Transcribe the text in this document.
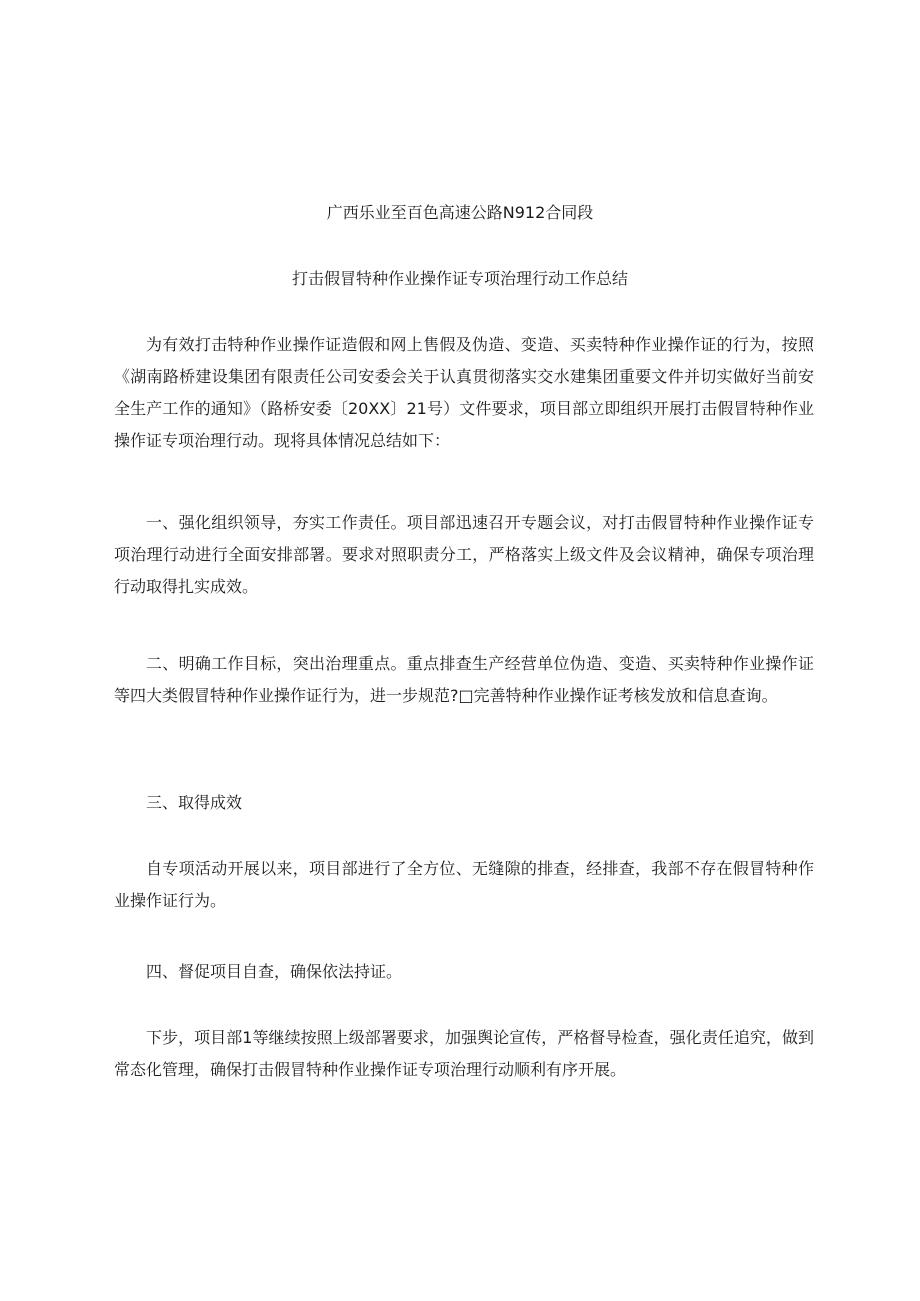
广西乐业至百色高速公路N912合同段
打击假冒特种作业操作证专项治理行动工作总结

为有效打击特种作业操作证造假和网上售假及伪造、变造、买卖特种作业操作证的行为，按照《湖南路桥建设集团有限责任公司安委会关于认真贯彻落实交水建集团重要文件并切实做好当前安全生产工作的通知》（路桥安委〔20XX〕21号）文件要求，项目部立即组织开展打击假冒特种作业操作证专项治理行动。现将具体情况总结如下：

一、强化组织领导，夯实工作责任。项目部迅速召开专题会议，对打击假冒特种作业操作证专项治理行动进行全面安排部署。要求对照职责分工，严格落实上级文件及会议精神，确保专项治理行动取得扎实成效。

二、明确工作目标，突出治理重点。重点排查生产经营单位伪造、变造、买卖特种作业操作证等四大类假冒特种作业操作证行为，进一步规范?□完善特种作业操作证考核发放和信息查询。

三、取得成效

自专项活动开展以来，项目部进行了全方位、无缝隙的排查，经排查，我部不存在假冒特种作业操作证行为。

四、督促项目自查，确保依法持证。

下步，项目部1等继续按照上级部署要求，加强舆论宣传，严格督导检查，强化责任追究，做到常态化管理，确保打击假冒特种作业操作证专项治理行动顺利有序开展。
